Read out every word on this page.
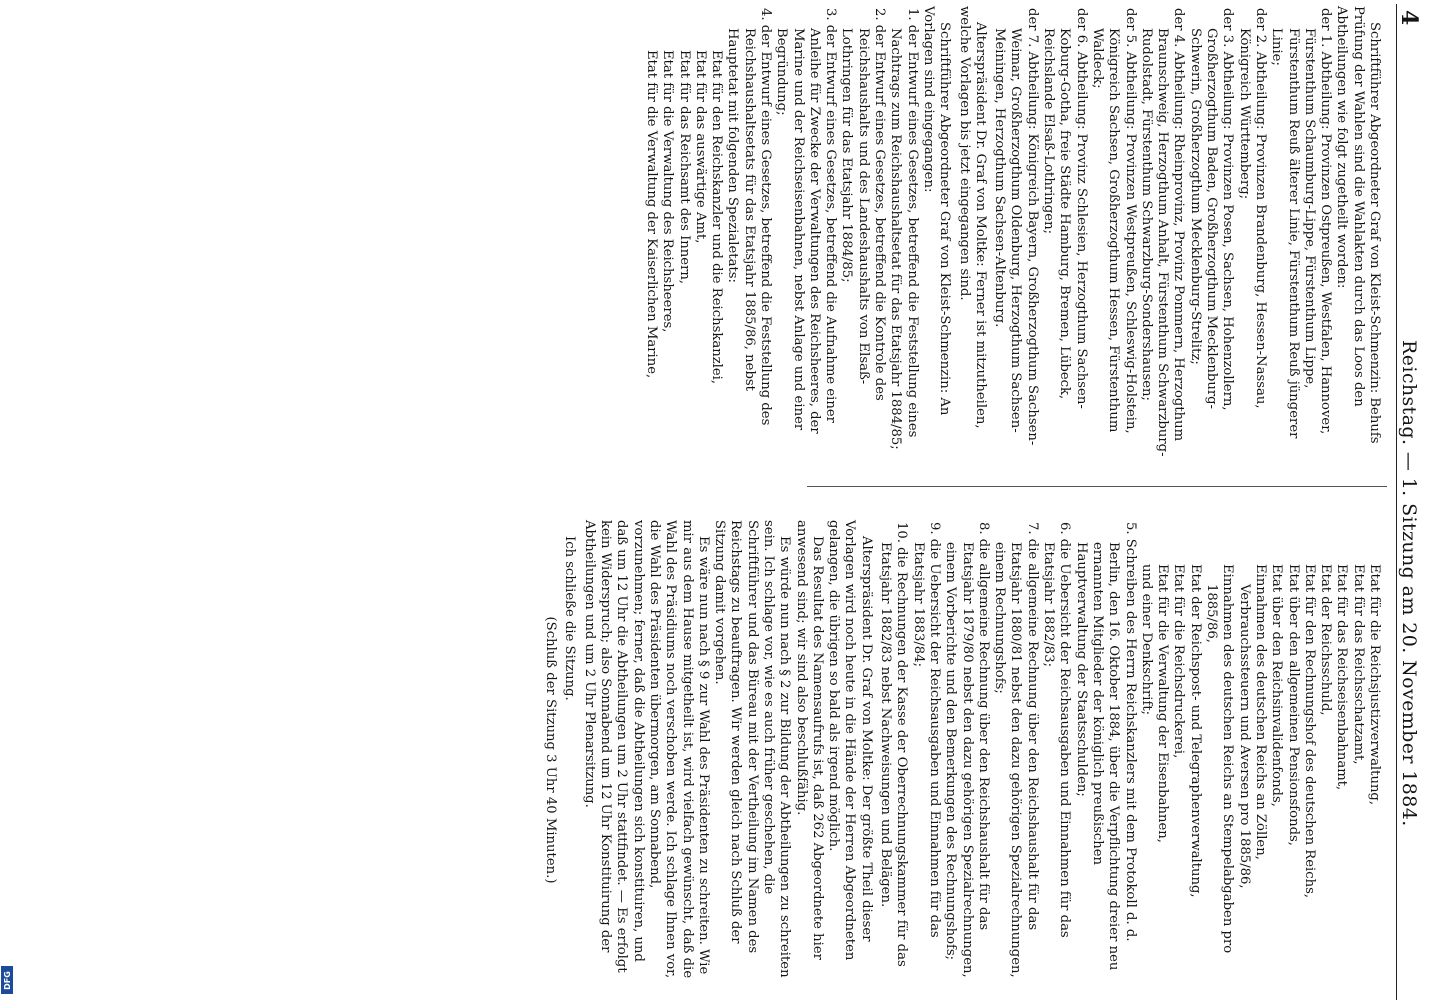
4
Reichstag. — 1. Sitzung am 20. November 1884.

Schriftführer Abgeordneter Graf von Kleist-Schmenzin: Behufs Prüfung der Wahlen sind die Wahlakten durch das Loos den Abtheilungen wie folgt zugetheilt worden:

der 1. Abtheilung: Provinzen Ostpreußen, Westfalen, Hannover, Fürstenthum Schaumburg-Lippe, Fürstenthum Lippe, Fürstenthum Reuß älterer Linie, Fürstenthum Reuß jüngerer Linie;

der 2. Abtheilung: Provinzen Brandenburg, Hessen-Nassau, Königreich Württemberg;

der 3. Abtheilung: Provinzen Posen, Sachsen, Hohenzollern, Großherzogthum Baden, Großherzogthum Mecklenburg-Schwerin, Großherzogthum Mecklenburg-Strelitz;

der 4. Abtheilung: Rheinprovinz, Provinz Pommern, Herzogthum Braunschweig, Herzogthum Anhalt, Fürstenthum Schwarzburg-Rudolstadt, Fürstenthum Schwarzburg-Sondershausen;

der 5. Abtheilung: Provinzen Westpreußen, Schleswig-Holstein, Königreich Sachsen, Großherzogthum Hessen, Fürstenthum Waldeck;

der 6. Abtheilung: Provinz Schlesien, Herzogthum Sachsen-Koburg-Gotha, freie Städte Hamburg, Bremen, Lübeck, Reichslande Elsaß-Lothringen;

der 7. Abtheilung: Königreich Bayern, Großherzogthum Sachsen-Weimar, Großherzogthum Oldenburg, Herzogthum Sachsen-Meiningen, Herzogthum Sachsen-Altenburg.

Alterspräsident Dr. Graf von Moltke: Ferner ist mitzutheilen, welche Vorlagen bis jetzt eingegangen sind.

Schriftführer Abgeordneter Graf von Kleist-Schmenzin: An Vorlagen sind eingegangen:

1. der Entwurf eines Gesetzes, betreffend die Feststellung eines Nachtrags zum Reichshaushaltsetat für das Etatsjahr 1884/85;

2. der Entwurf eines Gesetzes, betreffend die Kontrole des Reichshaushalts und des Landeshaushalts von Elsaß-Lothringen für das Etatsjahr 1884/85;

3. der Entwurf eines Gesetzes, betreffend die Aufnahme einer Anleihe für Zwecke der Verwaltungen des Reichsheeres, der Marine und der Reichseisenbahnen, nebst Anlage und einer Begründung;

4. der Entwurf eines Gesetzes, betreffend die Feststellung des Reichshaushaltsetats für das Etatsjahr 1885/86, nebst Hauptetat mit folgenden Spezialetats:

Etat für den Reichskanzler und die Reichskanzlei,

Etat für das auswärtige Amt,

Etat für das Reichsamt des Innern,

Etat für die Verwaltung des Reichsheeres,

Etat für die Verwaltung der Kaiserlichen Marine,

Etat für die Reichsjustizverwaltung,

Etat für das Reichsschatzamt,

Etat für das Reichseisenbahnamt,

Etat der Reichsschuld,

Etat für den Rechnungshof des deutschen Reichs,

Etat über den allgemeinen Pensionsfonds,

Etat über den Reichsinvalidenfonds,

Einnahmen des deutschen Reichs an Zöllen, Verbrauchssteuern und Aversen pro 1885/86,

Einnahmen des deutschen Reichs an Stempelabgaben pro 1885/86,

Etat der Reichspost- und Telegraphenverwaltung,

Etat für die Reichsdruckerei,

Etat für die Verwaltung der Eisenbahnen,

und einer Denkschrift;

5. Schreiben des Herrn Reichskanzlers mit dem Protokoll d. d. Berlin, den 16. Oktober 1884, über die Verpflichtung dreier neu ernannten Mitglieder der königlich preußischen Hauptverwaltung der Staatsschulden;

6. die Uebersicht der Reichsausgaben und Einnahmen für das Etatsjahr 1882/83;

7. die allgemeine Rechnung über den Reichshaushalt für das Etatsjahr 1880/81 nebst den dazu gehörigen Spezialrechnungen, einem Rechnungshofs;

8. die allgemeine Rechnung über den Reichshaushalt für das Etatsjahr 1879/80 nebst den dazu gehörigen Spezialrechnungen, einem Vorberichte und den Bemerkungen des Rechnungshofs;

9. die Uebersicht der Reichsausgaben und Einnahmen für das Etatsjahr 1883/84;

10. die Rechnungen der Kasse der Oberrechnungskammer für das Etatsjahr 1882/83 nebst Nachweisungen und Belägen.

Alterspräsident Dr. Graf von Moltke: Der größte Theil dieser Vorlagen wird noch heute in die Hände der Herren Abgeordneten gelangen, die übrigen so bald als irgend möglich.

Das Resultat des Namensaufrufs ist, daß 262 Abgeordnete hier anwesend sind; wir sind also beschlußfähig.

Es würde nun nach § 2 zur Bildung der Abtheilungen zu schreiten sein. Ich schlage vor, wie es auch früher geschehen, die Schriftführer und das Büreau mit der Vertheilung im Namen des Reichstags zu beauftragen. Wir werden gleich nach Schluß der Sitzung damit vorgehen.

Es wäre nun nach § 9 zur Wahl des Präsidenten zu schreiten. Wie mir aus dem Hause mitgetheilt ist, wird vielfach gewünscht, daß die Wahl des Präsidiums noch verschoben werde. Ich schlage Ihnen vor, die Wahl des Präsidenten übermorgen, am Sonnabend, vorzunehmen; ferner, daß die Abtheilungen sich konstituiren, und daß um 12 Uhr die Abtheilungen um 2 Uhr stattfindet. — Es erfolgt kein Widerspruch; also Sonnabend um 12 Uhr Konstituirung der Abtheilungen und um 2 Uhr Plenarsitzung.

Ich schließe die Sitzung.

(Schluß der Sitzung 3 Uhr 40 Minuten.)

DFG
